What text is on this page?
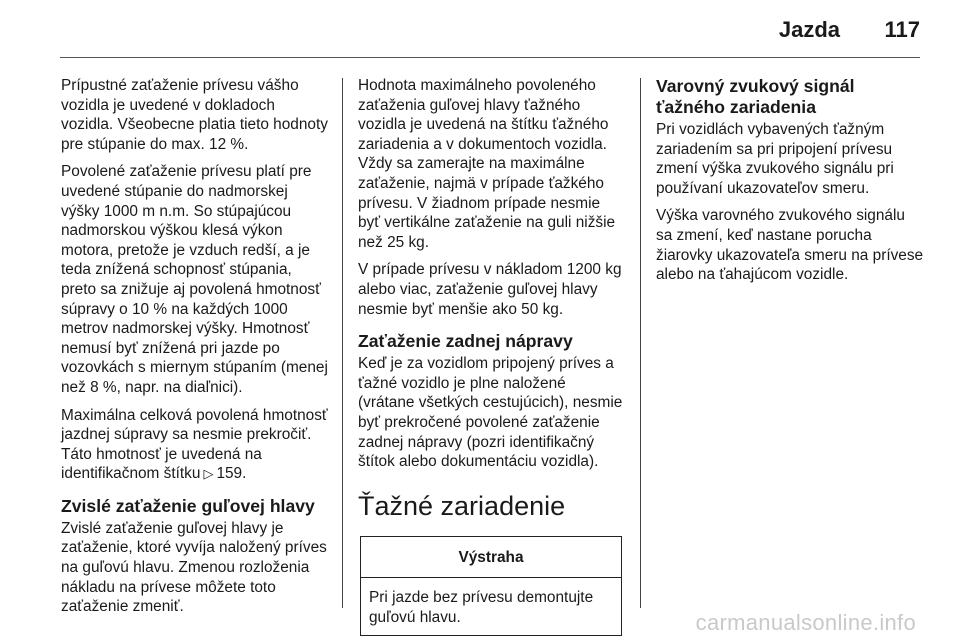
Jazda 117

Prípustné zaťaženie prívesu vášho vozidla je uvedené v dokladoch vozidla. Všeobecne platia tieto hodnoty pre stúpanie do max. 12 %.

Povolené zaťaženie prívesu platí pre uvedené stúpanie do nadmorskej výšky 1000 m n.m. So stúpajúcou nadmorskou výškou klesá výkon motora, pretože je vzduch redší, a je teda znížená schopnosť stúpania, preto sa znižuje aj povolená hmotnosť súpravy o 10 % na každých 1000 metrov nadmorskej výšky. Hmotnosť nemusí byť znížená pri jazde po vozovkách s miernym stúpaním (menej než 8 %, napr. na diaľnici).

Maximálna celková povolená hmotnosť jazdnej súpravy sa nesmie prekročiť. Táto hmotnosť je uvedená na identifikačnom štítku ▷ 159.

Zvislé zaťaženie guľovej hlavy

Zvislé zaťaženie guľovej hlavy je zaťaženie, ktoré vyvíja naložený príves na guľovú hlavu. Zmenou rozloženia nákladu na prívese môžete toto zaťaženie zmeniť.

Hodnota maximálneho povoleného zaťaženia guľovej hlavy ťažného vozidla je uvedená na štítku ťažného zariadenia a v dokumentoch vozidla. Vždy sa zamerajte na maximálne zaťaženie, najmä v prípade ťažkého prívesu. V žiadnom prípade nesmie byť vertikálne zaťaženie na guli nižšie než 25 kg.

V prípade prívesu v nákladom 1200 kg alebo viac, zaťaženie guľovej hlavy nesmie byť menšie ako 50 kg.

Zaťaženie zadnej nápravy

Keď je za vozidlom pripojený príves a ťažné vozidlo je plne naložené (vrátane všetkých cestujúcich), nesmie byť prekročené povolené zaťaženie zadnej nápravy (pozri identifikačný štítok alebo dokumentáciu vozidla).

Ťažné zariadenie
Výstraha
Pri jazde bez prívesu demontujte guľovú hlavu.
Varovný zvukový signál ťažného zariadenia

Pri vozidlách vybavených ťažným zariadením sa pri pripojení prívesu zmení výška zvukového signálu pri používaní ukazovateľov smeru.

Výška varovného zvukového signálu sa zmení, keď nastane porucha žiarovky ukazovateľa smeru na prívese alebo na ťahajúcom vozidle.

carmanualsonline.info
